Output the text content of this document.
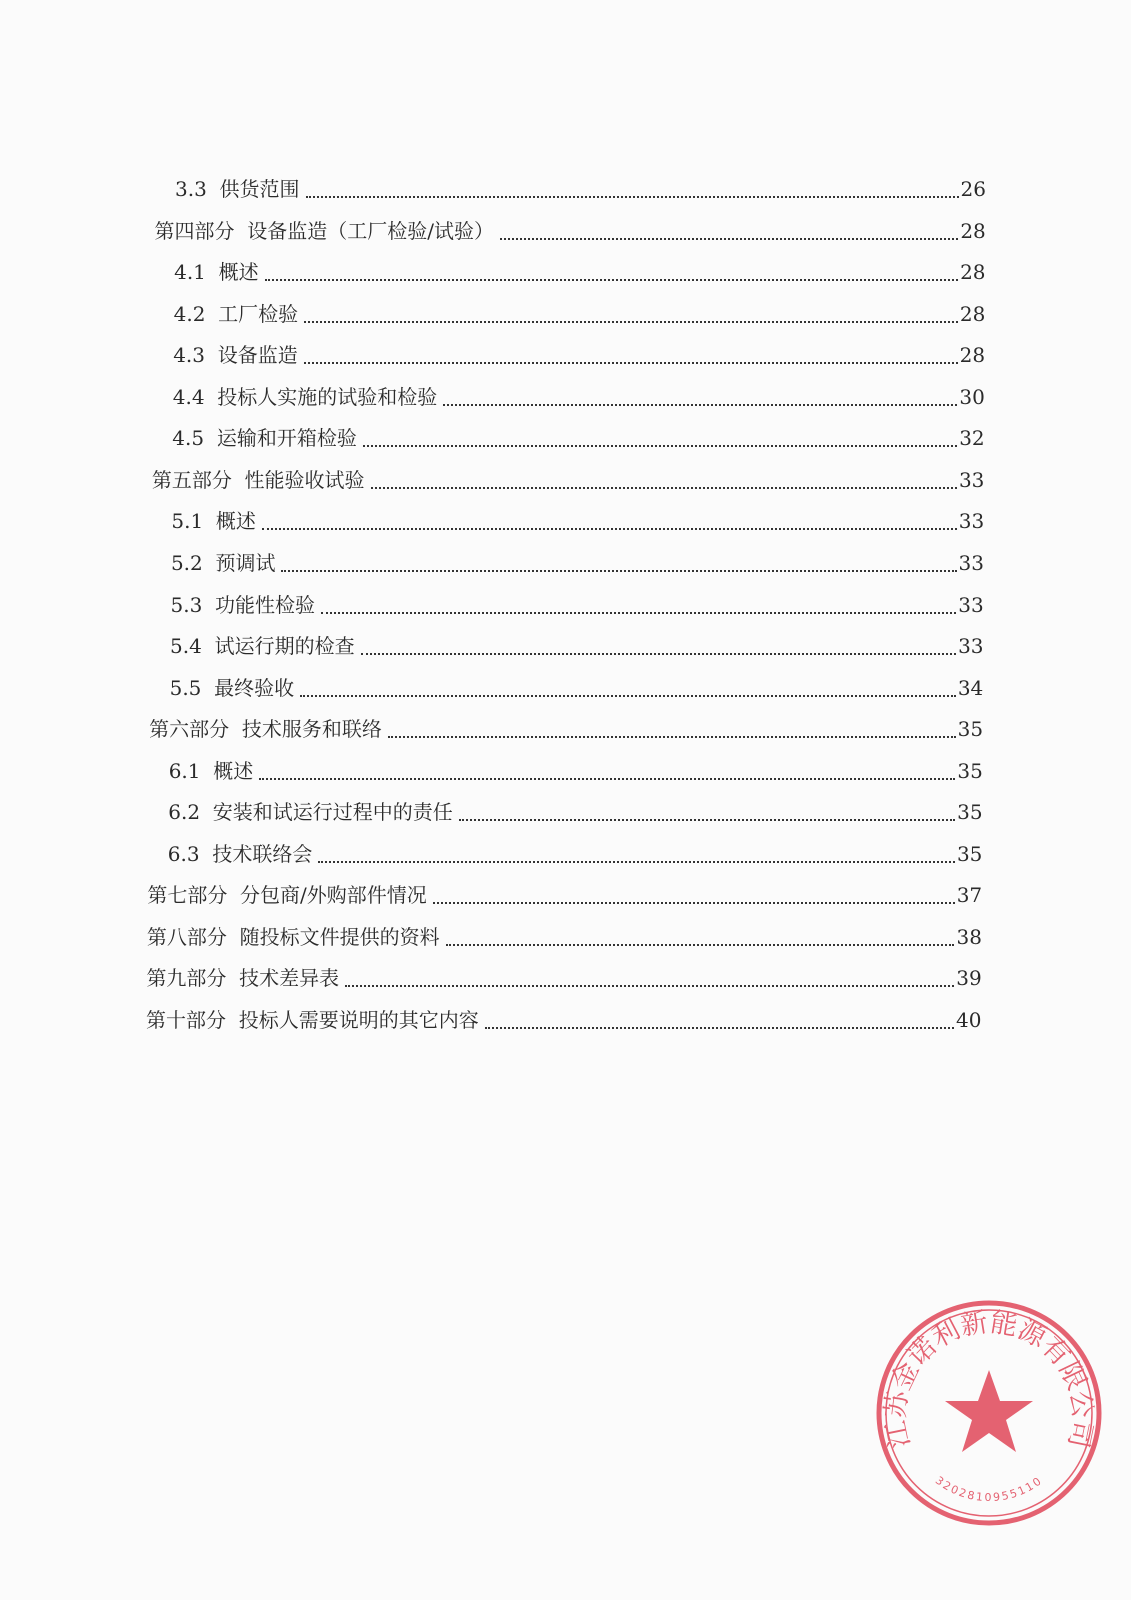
3.3  供货范围	26
第四部分  设备监造（工厂检验/试验）	28
4.1  概述	28
4.2  工厂检验	28
4.3  设备监造	28
4.4  投标人实施的试验和检验	30
4.5  运输和开箱检验	32
第五部分  性能验收试验	33
5.1  概述	33
5.2  预调试	33
5.3  功能性检验	33
5.4  试运行期的检查	33
5.5  最终验收	34
第六部分  技术服务和联络	35
6.1  概述	35
6.2  安装和试运行过程中的责任	35
6.3  技术联络会	35
第七部分  分包商/外购部件情况	37
第八部分  随投标文件提供的资料	38
第九部分  技术差异表	39
第十部分  投标人需要说明的其它内容	40
江苏金诺利新能源有限公司
3202810955110
